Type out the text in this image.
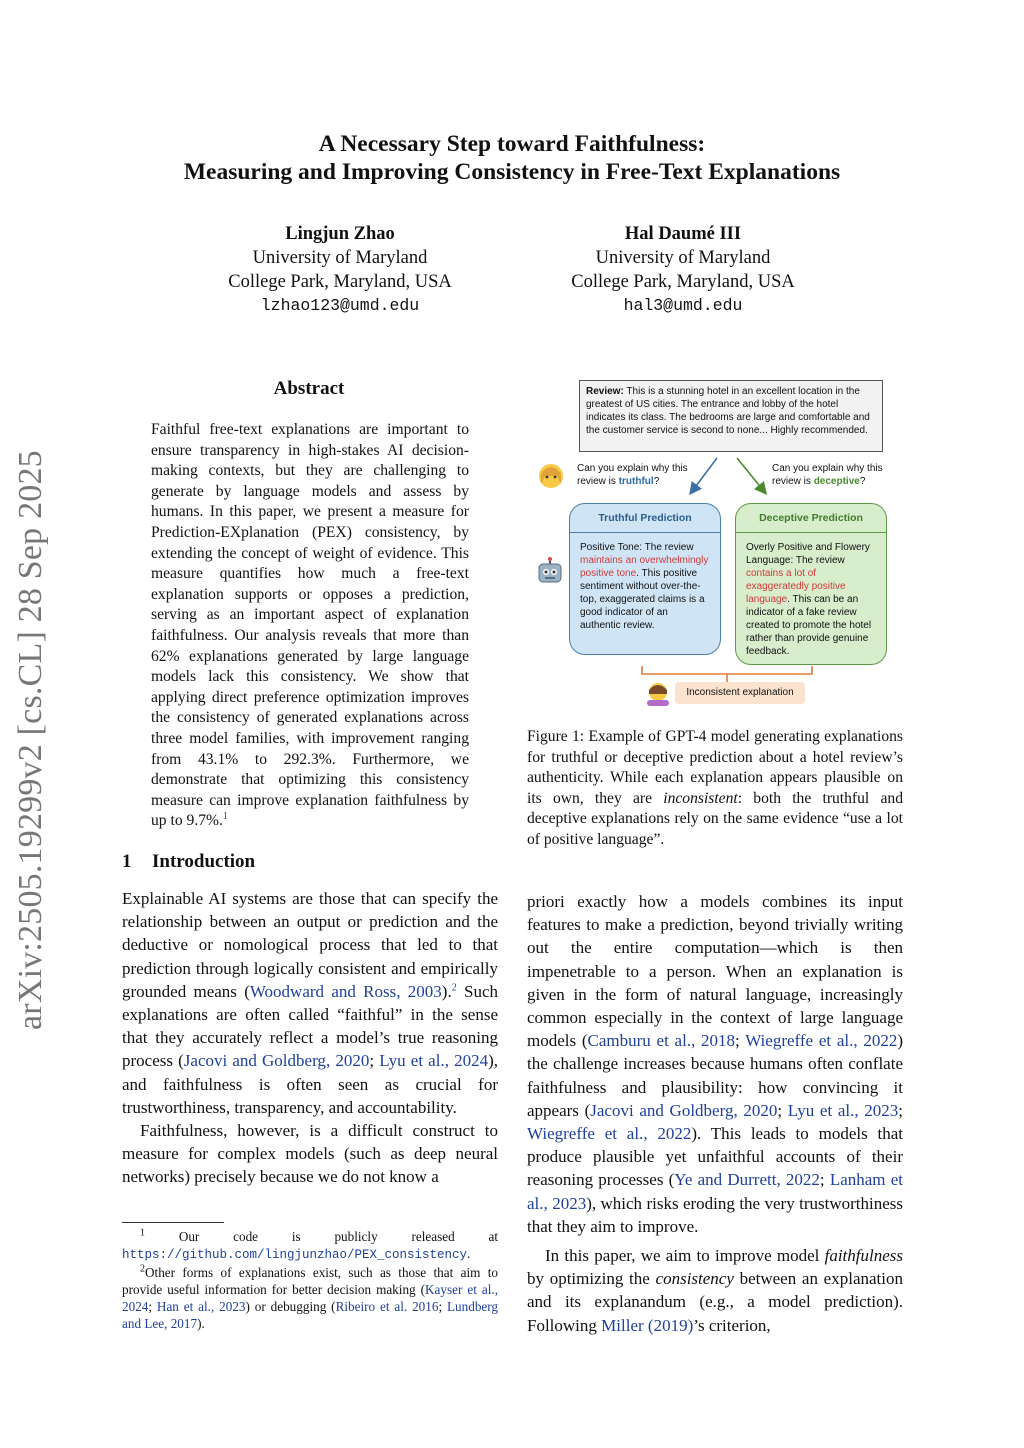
A Necessary Step toward Faithfulness:
Measuring and Improving Consistency in Free-Text Explanations
Lingjun Zhao
University of Maryland
College Park, Maryland, USA
lzhao123@umd.edu
Hal Daumé III
University of Maryland
College Park, Maryland, USA
hal3@umd.edu
arXiv:2505.19299v2 [cs.CL] 28 Sep 2025
Abstract

Faithful free-text explanations are important to ensure transparency in high-stakes AI decision-making contexts, but they are challenging to generate by language models and assess by humans. In this paper, we present a measure for Prediction-EXplanation (PEX) consistency, by extending the concept of weight of evidence. This measure quantifies how much a free-text explanation supports or opposes a prediction, serving as an important aspect of explanation faithfulness. Our analysis reveals that more than 62% explanations generated by large language models lack this consistency. We show that applying direct preference optimization improves the consistency of generated explanations across three model families, with improvement ranging from 43.1% to 292.3%. Furthermore, we demonstrate that optimizing this consistency measure can improve explanation faithfulness by up to 9.7%.$^1$

1 Introduction

Explainable AI systems are those that can specify the relationship between an output or prediction and the deductive or nomological process that led to that prediction through logically consistent and empirically grounded means (Woodward and Ross, 2003).$^2$ Such explanations are often called “faithful” in the sense that they accurately reflect a model’s true reasoning process (Jacovi and Goldberg, 2020; Lyu et al., 2024), and faithfulness is often seen as crucial for trustworthiness, transparency, and accountability.

Faithfulness, however, is a difficult construct to measure for complex models (such as deep neural networks) precisely because we do not know a

$^1$	Our code is publicly released at https://github.com/lingjunzhao/PEX_consistency.

$^2$Other forms of explanations exist, such as those that aim to provide useful information for better decision making (Kayser et al., 2024; Han et al., 2023) or debugging (Ribeiro et al. 2016; Lundberg and Lee, 2017).

Review: This is a stunning hotel in an excellent location in the greatest of US cities. The entrance and lobby of the hotel indicates its class. The bedrooms are large and comfortable and the customer service is second to none... Highly recommended.
Can you explain why this review is truthful?
Can you explain why this review is deceptive?
Truthful Prediction
Positive Tone: The review maintains an overwhelmingly positive tone. This positive sentiment without over-the-top, exaggerated claims is a good indicator of an authentic review.
Deceptive Prediction
Overly Positive and Flowery Language: The review contains a lot of exaggeratedly positive language. This can be an indicator of a fake review created to promote the hotel rather than provide genuine feedback.
Inconsistent explanation
Figure 1: Example of GPT-4 model generating explanations for truthful or deceptive prediction about a hotel review’s authenticity. While each explanation appears plausible on its own, they are inconsistent: both the truthful and deceptive explanations rely on the same evidence “use a lot of positive language”.

priori exactly how a models combines its input features to make a prediction, beyond trivially writing out the entire computation—which is then impenetrable to a person. When an explanation is given in the form of natural language, increasingly common especially in the context of large language models (Camburu et al., 2018; Wiegreffe et al., 2022) the challenge increases because humans often conflate faithfulness and plausibility: how convincing it appears (Jacovi and Goldberg, 2020; Lyu et al., 2023; Wiegreffe et al., 2022). This leads to models that produce plausible yet unfaithful accounts of their reasoning processes (Ye and Durrett, 2022; Lanham et al., 2023), which risks eroding the very trustworthiness that they aim to improve.

In this paper, we aim to improve model faithfulness by optimizing the consistency between an explanation and its explanandum (e.g., a model prediction). Following Miller (2019)’s criterion,
